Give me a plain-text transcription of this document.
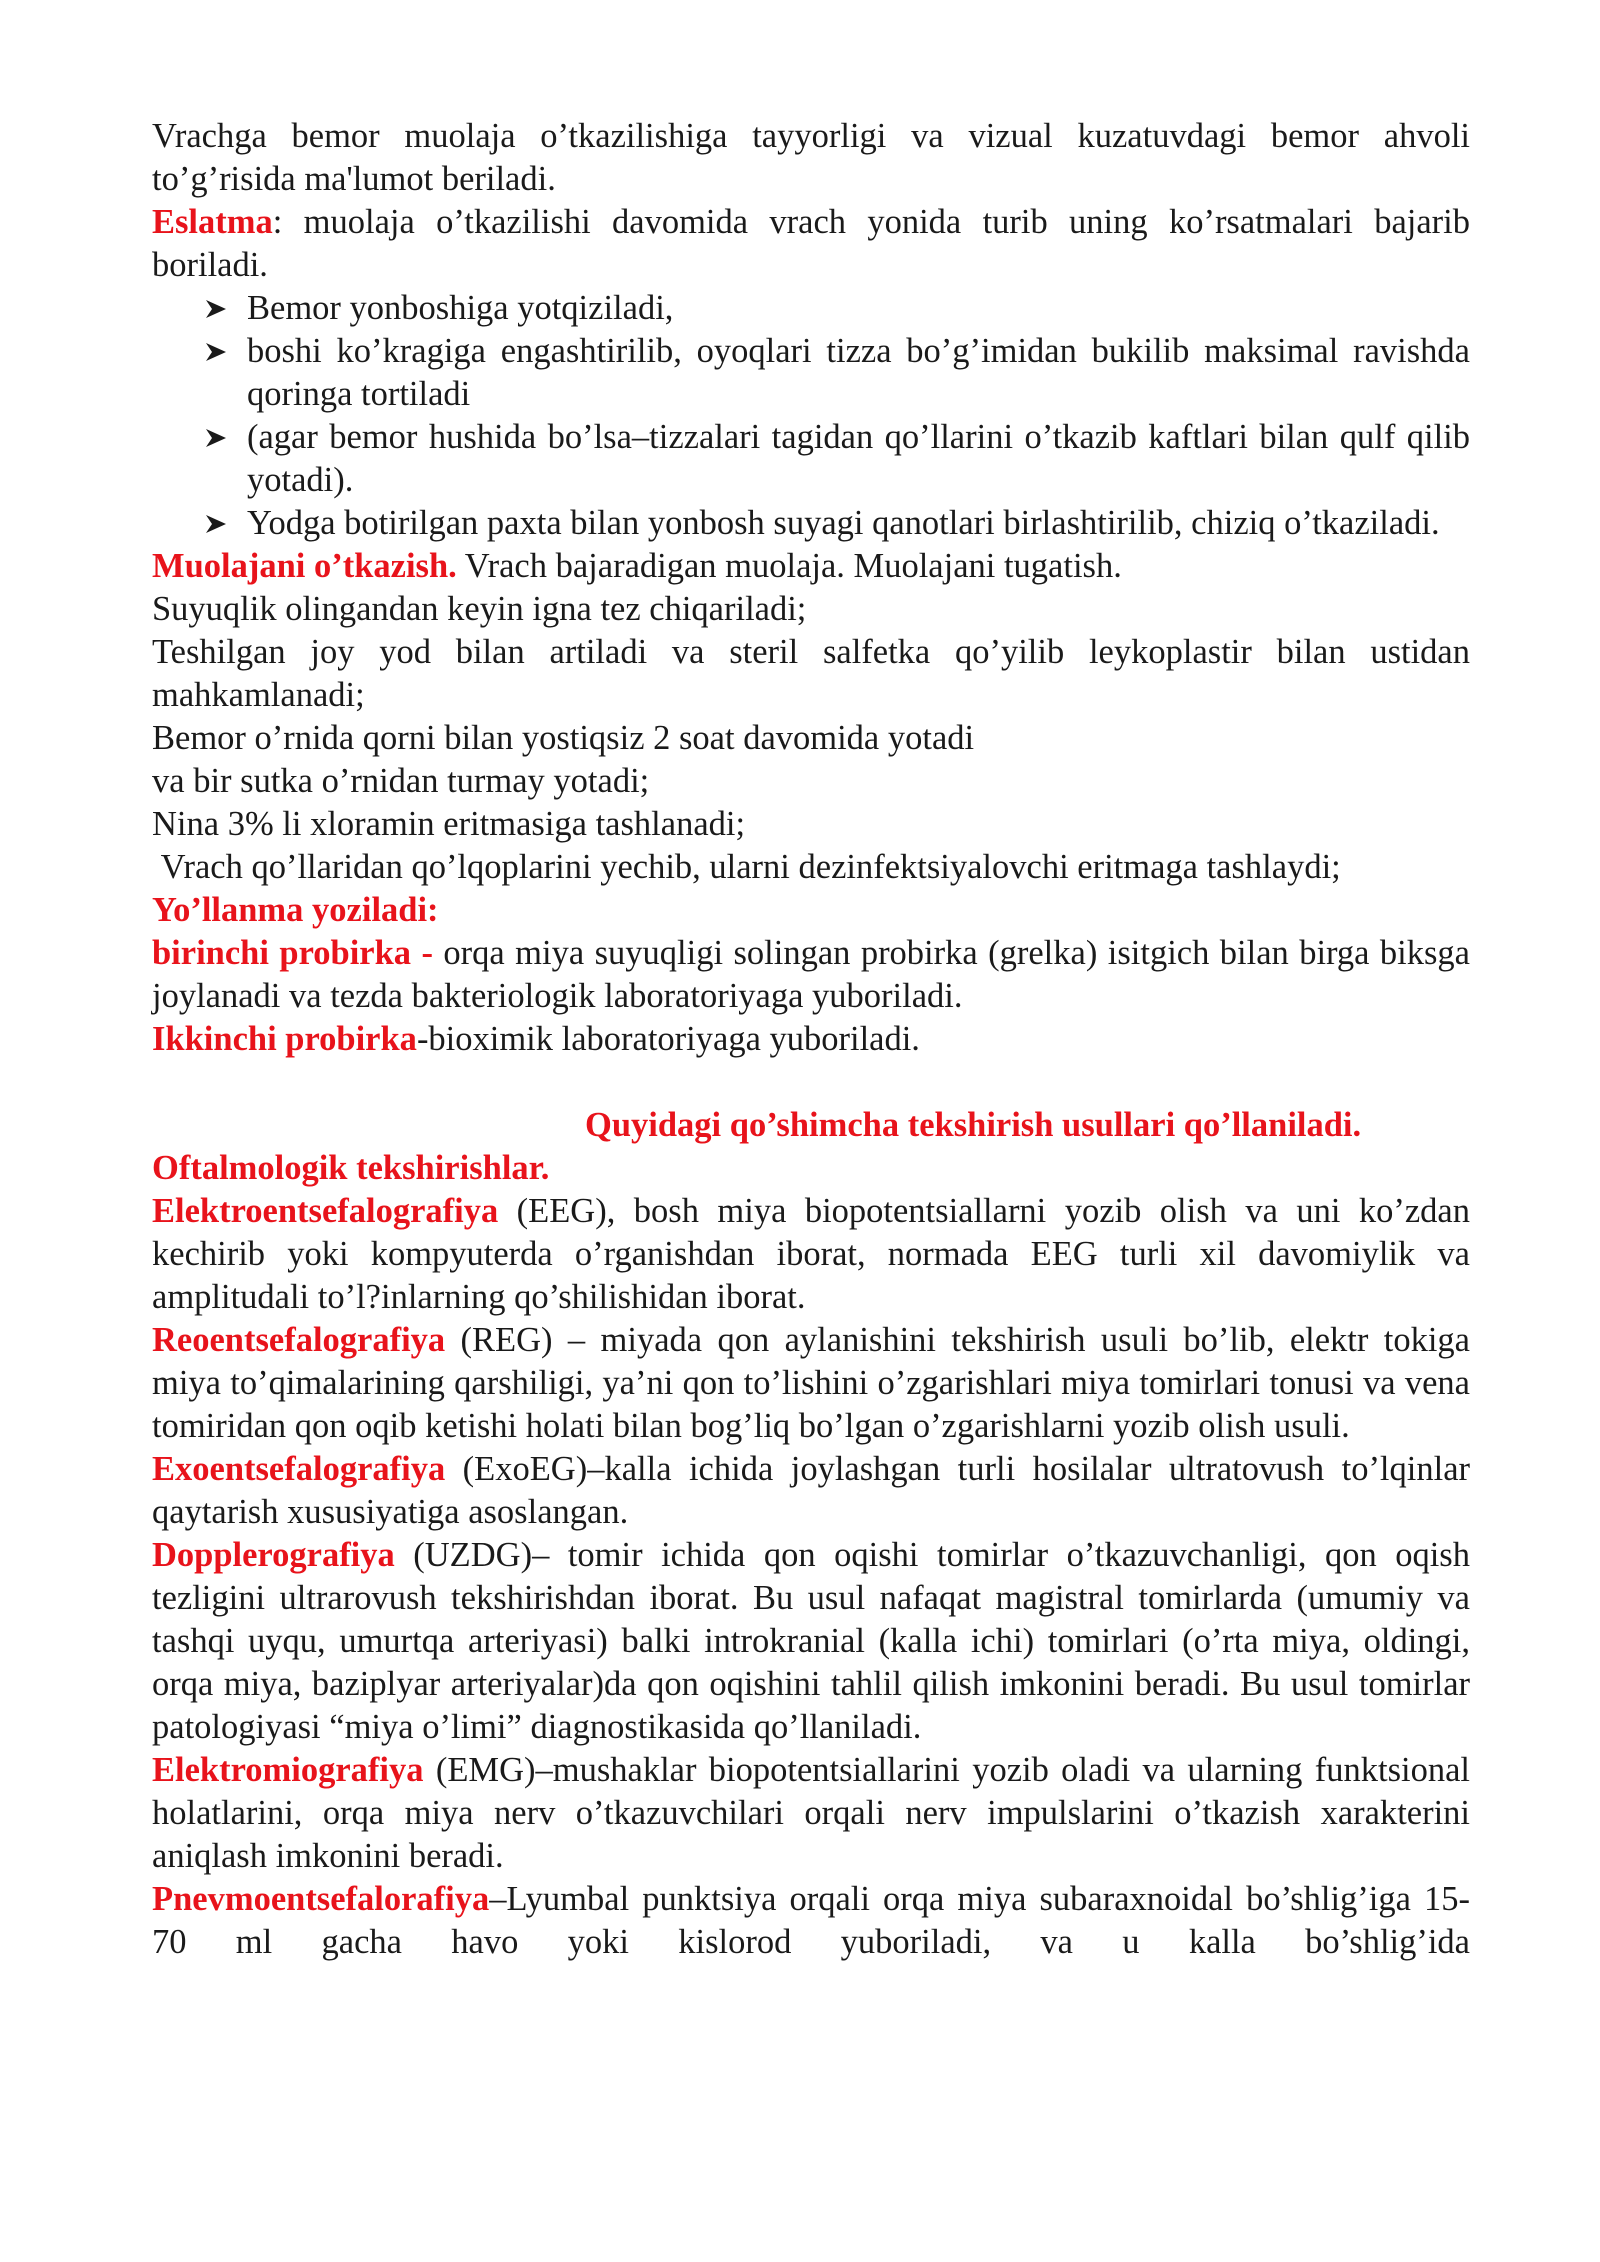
Vrachga bemor muolaja o’tkazilishiga tayyorligi va vizual kuzatuvdagi bemor ahvoli to’g’risida ma'lumot beriladi.

Eslatma: muolaja o’tkazilishi davomida vrach yonida turib uning ko’rsatmalari bajarib boriladi.

Bemor yonboshiga yotqiziladi,
boshi ko’kragiga engashtirilib, oyoqlari tizza bo’g’imidan bukilib maksimal ravishda qoringa tortiladi
(agar bemor hushida bo’lsa–tizzalari tagidan qo’llarini o’tkazib kaftlari bilan qulf qilib yotadi).
Yodga botirilgan paxta bilan yonbosh suyagi qanotlari birlashtirilib, chiziq o’tkaziladi.

Muolajani o’tkazish. Vrach bajaradigan muolaja. Muolajani tugatish.

Suyuqlik olingandan keyin igna tez chiqariladi;

Teshilgan joy yod bilan artiladi va steril salfetka qo’yilib leykoplastir bilan ustidan mahkamlanadi;

Bemor o’rnida qorni bilan yostiqsiz 2 soat davomida yotadi

va bir sutka o’rnidan turmay yotadi;

Nina 3% li xloramin eritmasiga tashlanadi;

Vrach qo’llaridan qo’lqoplarini yechib, ularni dezinfektsiyalovchi eritmaga tashlaydi;

Yo’llanma yoziladi:

birinchi probirka - orqa miya suyuqligi solingan probirka (grelka) isitgich bilan birga biksga joylanadi va tezda bakteriologik laboratoriyaga yuboriladi.

Ikkinchi probirka-bioximik laboratoriyaga yuboriladi.

Quyidagi qo’shimcha tekshirish usullari qo’llaniladi.

Oftalmologik tekshirishlar.

Elektroentsefalografiya (EEG), bosh miya biopotentsiallarni yozib olish va uni ko’zdan kechirib yoki kompyuterda o’rganishdan iborat, normada EEG turli xil davomiylik va amplitudali to’l?inlarning qo’shilishidan iborat.

Reoentsefalografiya (REG) – miyada qon aylanishini tekshirish usuli bo’lib, elektr tokiga miya to’qimalarining qarshiligi, ya’ni qon to’lishini o’zgarishlari miya tomirlari tonusi va vena tomiridan qon oqib ketishi holati bilan bog’liq bo’lgan o’zgarishlarni yozib olish usuli.

Exoentsefalografiya (ExoEG)–kalla ichida joylashgan turli hosilalar ultratovush to’lqinlar qaytarish xususiyatiga asoslangan.

Dopplerografiya (UZDG)– tomir ichida qon oqishi tomirlar o’tkazuvchanligi, qon oqish tezligini ultrarovush tekshirishdan iborat. Bu usul nafaqat magistral tomirlarda (umumiy va tashqi uyqu, umurtqa arteriyasi) balki introkranial (kalla ichi) tomirlari (o’rta miya, oldingi, orqa miya, baziplyar arteriyalar)da qon oqishini tahlil qilish imkonini beradi. Bu usul tomirlar patologiyasi “miya o’limi” diagnostikasida qo’llaniladi.

Elektromiografiya (EMG)–mushaklar biopotentsiallarini yozib oladi va ularning funktsional holatlarini, orqa miya nerv o’tkazuvchilari orqali nerv impulslarini o’tkazish xarakterini aniqlash imkonini beradi.

Pnevmoentsefalorafiya–Lyumbal punktsiya orqali orqa miya subaraxnoidal bo’shlig’iga 15-70 ml gacha havo yoki kislorod yuboriladi, va u kalla bo’shlig’ida
